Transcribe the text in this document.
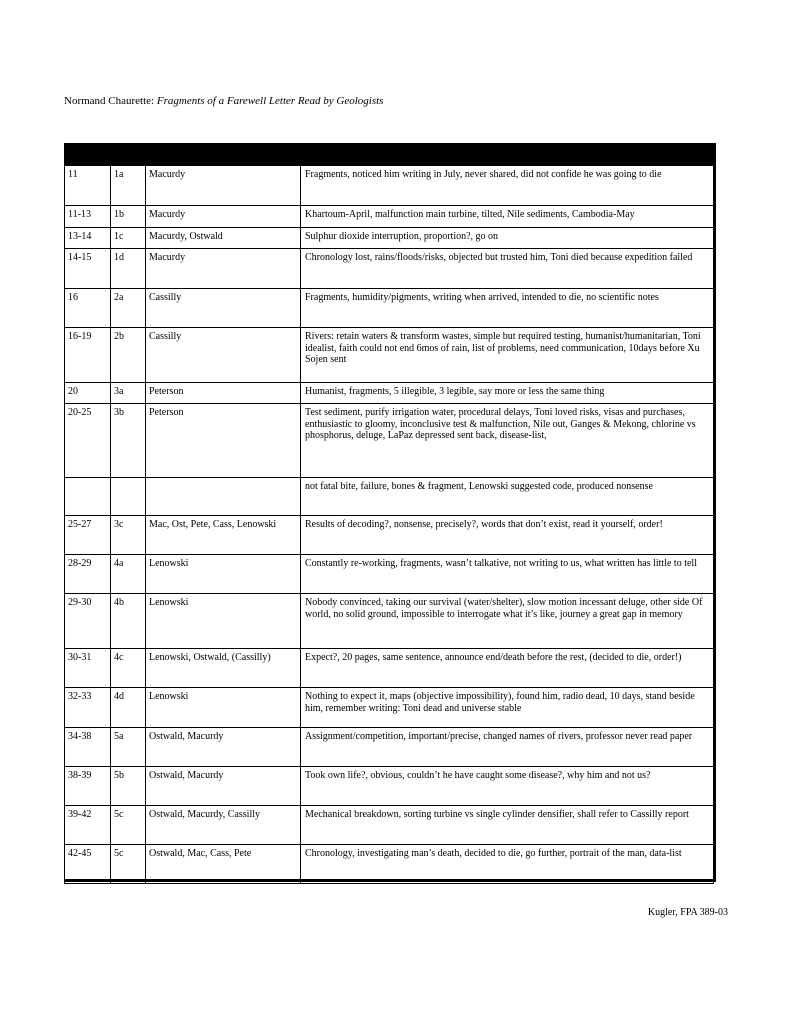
Normand Chaurette: Fragments of a Farewell Letter Read by Geologists

11	1a	Macurdy	Fragments, noticed him writing in July, never shared, did not confide he was going to die
11-13	1b	Macurdy	Khartoum-April, malfunction main turbine, tilted, Nile sediments, Cambodia-May
13-14	1c	Macurdy, Ostwald	Sulphur dioxide interruption, proportion?, go on
14-15	1d	Macurdy	Chronology lost, rains/floods/risks, objected but trusted him, Toni died because expedition failed
16	2a	Cassilly	Fragments, humidity/pigments, writing when arrived, intended to die, no scientific notes
16-19	2b	Cassilly	Rivers: retain waters & transform wastes, simple but required testing, humanist/humanitarian, Toni idealist, faith could not end 6mos of rain, list of problems, need communication, 10days before Xu Sojen sent
20	3a	Peterson	Humanist, fragments, 5 illegible, 3 legible, say more or less the same thing
20-25	3b	Peterson	Test sediment, purify irrigation water, procedural delays, Toni loved risks, visas and purchases, enthusiastic to gloomy, inconclusive test & malfunction, Nile out, Ganges & Mekong, chlorine vs phosphorus, deluge, LaPaz depressed sent back, disease-list,
			not fatal bite, failure, bones & fragment, Lenowski suggested code, produced nonsense
25-27	3c	Mac, Ost, Pete, Cass, Lenowski	Results of decoding?, nonsense, precisely?, words that don’t exist, read it yourself, order!
28-29	4a	Lenowski	Constantly re-working, fragments, wasn’t talkative, not writing to us, what written has little to tell
29-30	4b	Lenowski	Nobody convinced, taking our survival (water/shelter), slow motion incessant deluge, other side Of world, no solid ground, impossible to interrogate what it’s like, journey a great gap in memory
30-31	4c	Lenowski, Ostwald, (Cassilly)	Expect?, 20 pages, same sentence, announce end/death before the rest, (decided to die, order!)
32-33	4d	Lenowski	Nothing to expect it, maps (objective impossibility), found him, radio dead, 10 days, stand beside him, remember writing: Toni dead and universe stable
34-38	5a	Ostwald, Macurdy	Assignment/competition, important/precise, changed names of rivers, professor never read paper
38-39	5b	Ostwald, Macurdy	Took own life?, obvious, couldn’t he have caught some disease?, why him and not us?
39-42	5c	Ostwald, Macurdy, Cassilly	Mechanical breakdown, sorting turbine vs single cylinder densifier, shall refer to Cassilly report
42-45	5c	Ostwald, Mac, Cass, Pete	Chronology, investigating man’s death, decided to die, go further, portrait of the man, data-list
Kugler, FPA 389-03
